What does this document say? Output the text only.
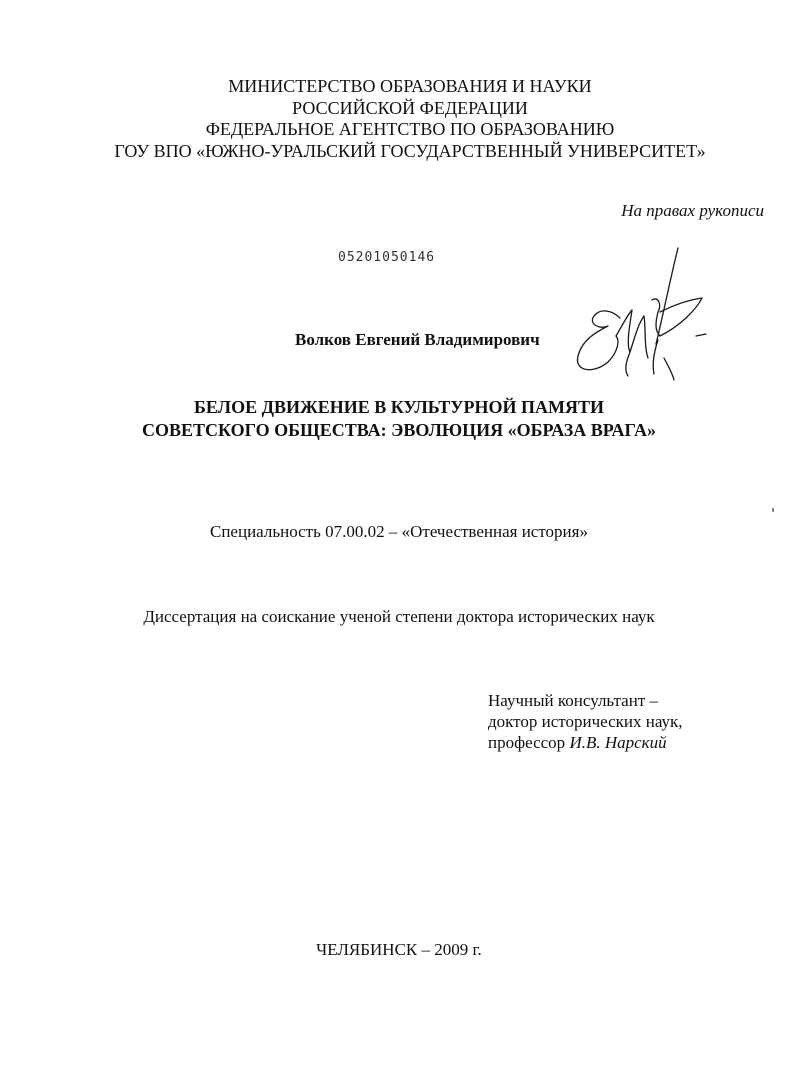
МИНИСТЕРСТВО ОБРАЗОВАНИЯ И НАУКИ
РОССИЙСКОЙ ФЕДЕРАЦИИ
ФЕДЕРАЛЬНОЕ АГЕНТСТВО ПО ОБРАЗОВАНИЮ
ГОУ ВПО «ЮЖНО-УРАЛЬСКИЙ ГОСУДАРСТВЕННЫЙ УНИВЕРСИТЕТ»
На правах рукописи
05201050146
Волков Евгений Владимирович
БЕЛОЕ ДВИЖЕНИЕ В КУЛЬТУРНОЙ ПАМЯТИ
СОВЕТСКОГО ОБЩЕСТВА: ЭВОЛЮЦИЯ «ОБРАЗА ВРАГА»
Специальность 07.00.02 – «Отечественная история»
Диссертация на соискание ученой степени доктора исторических наук
Научный консультант –
доктор исторических наук,
профессор И.В. Нарский
ЧЕЛЯБИНСК – 2009 г.
